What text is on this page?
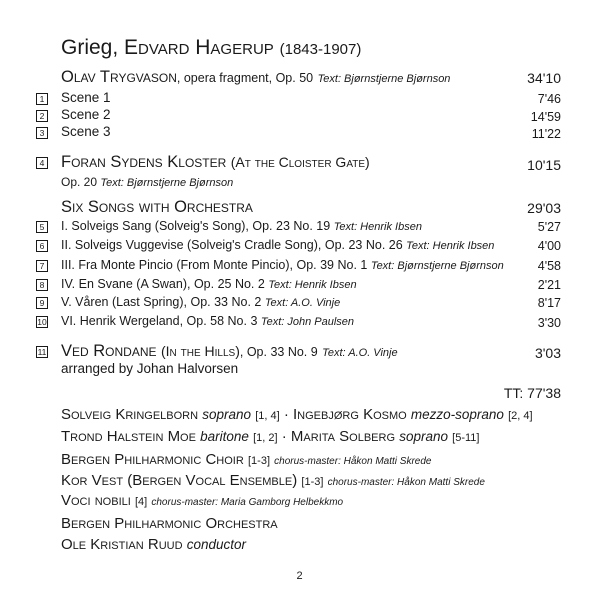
Grieg, Edvard Hagerup (1843-1907)
Olav Trygvason, opera fragment, Op. 50 Text: Bjørnstjerne Bjørnson	34'10
1 Scene 1	7'46
2 Scene 2	14'59
3 Scene 3	11'22
4 Foran Sydens Kloster (At the Cloister Gate)	10'15
Op. 20 Text: Bjørnstjerne Bjørnson
Six Songs with Orchestra	29'03
5 I. Solveigs Sang (Solveig's Song), Op. 23 No. 19 Text: Henrik Ibsen	5'27
6 II. Solveigs Vuggevise (Solveig's Cradle Song), Op. 23 No. 26 Text: Henrik Ibsen	4'00
7 III. Fra Monte Pincio (From Monte Pincio), Op. 39 No. 1 Text: Bjørnstjerne Bjørnson	4'58
8 IV. En Svane (A Swan), Op. 25 No. 2 Text: Henrik Ibsen	2'21
9 V. Våren (Last Spring), Op. 33 No. 2 Text: A.O. Vinje	8'17
10 VI. Henrik Wergeland, Op. 58 No. 3 Text: John Paulsen	3'30
11 Ved Rondane (In the Hills), Op. 33 No. 9 Text: A.O. Vinje	3'03
arranged by Johan Halvorsen
TT: 77'38
Solveig Kringelborn soprano [1, 4] · Ingebjørg Kosmo mezzo-soprano [2, 4]
Trond Halstein Moe baritone [1, 2] · Marita Solberg soprano [5-11]
Bergen Philharmonic Choir [1-3] chorus-master: Håkon Matti Skrede
Kor Vest (Bergen Vocal Ensemble) [1-3] chorus-master: Håkon Matti Skrede
Voci nobili [4] chorus-master: Maria Gamborg Helbekkmo
Bergen Philharmonic Orchestra
Ole Kristian Ruud conductor
2
